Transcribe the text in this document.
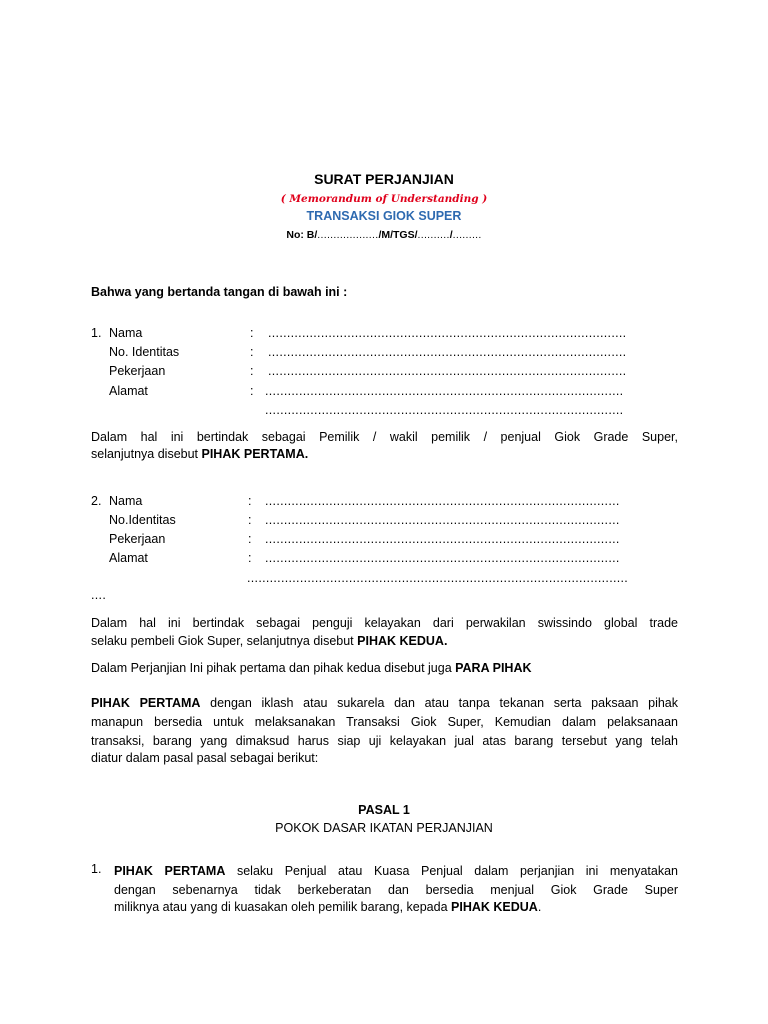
SURAT PERJANJIAN
( Memorandum of Understanding )
TRANSAKSI GIOK SUPER
No: B/.................../M/TGS/........../.........
Bahwa yang bertanda tangan di bawah ini :
1. Nama	: ...............................................................................................
No. Identitas	: ...............................................................................................
Pekerjaan	: ...............................................................................................
Alamat	: ...............................................................................................
...............................................................................................
Dalam hal ini bertindak sebagai Pemilik / wakil pemilik / penjual Giok Grade Super,
selanjutnya disebut PIHAK PERTAMA.
2. Nama	: ..............................................................................................
No.Identitas	: ..............................................................................................
Pekerjaan	: ..............................................................................................
Alamat	: ..............................................................................................
.....................................................................................................
....
Dalam hal ini bertindak sebagai penguji kelayakan dari perwakilan swissindo global trade
selaku pembeli Giok Super, selanjutnya disebut PIHAK KEDUA.
Dalam Perjanjian Ini pihak pertama dan pihak kedua disebut juga PARA PIHAK
PIHAK PERTAMA dengan iklash atau sukarela dan atau tanpa tekanan serta paksaan pihak
manapun bersedia untuk melaksanakan Transaksi Giok Super, Kemudian dalam pelaksanaan
transaksi, barang yang dimaksud harus siap uji kelayakan jual atas barang tersebut yang telah
diatur dalam pasal pasal sebagai berikut:
PASAL 1
POKOK DASAR IKATAN PERJANJIAN
1. PIHAK PERTAMA selaku Penjual atau Kuasa Penjual dalam perjanjian ini menyatakan
dengan sebenarnya tidak berkeberatan dan bersedia menjual Giok Grade Super
miliknya atau yang di kuasakan oleh pemilik barang, kepada PIHAK KEDUA.
